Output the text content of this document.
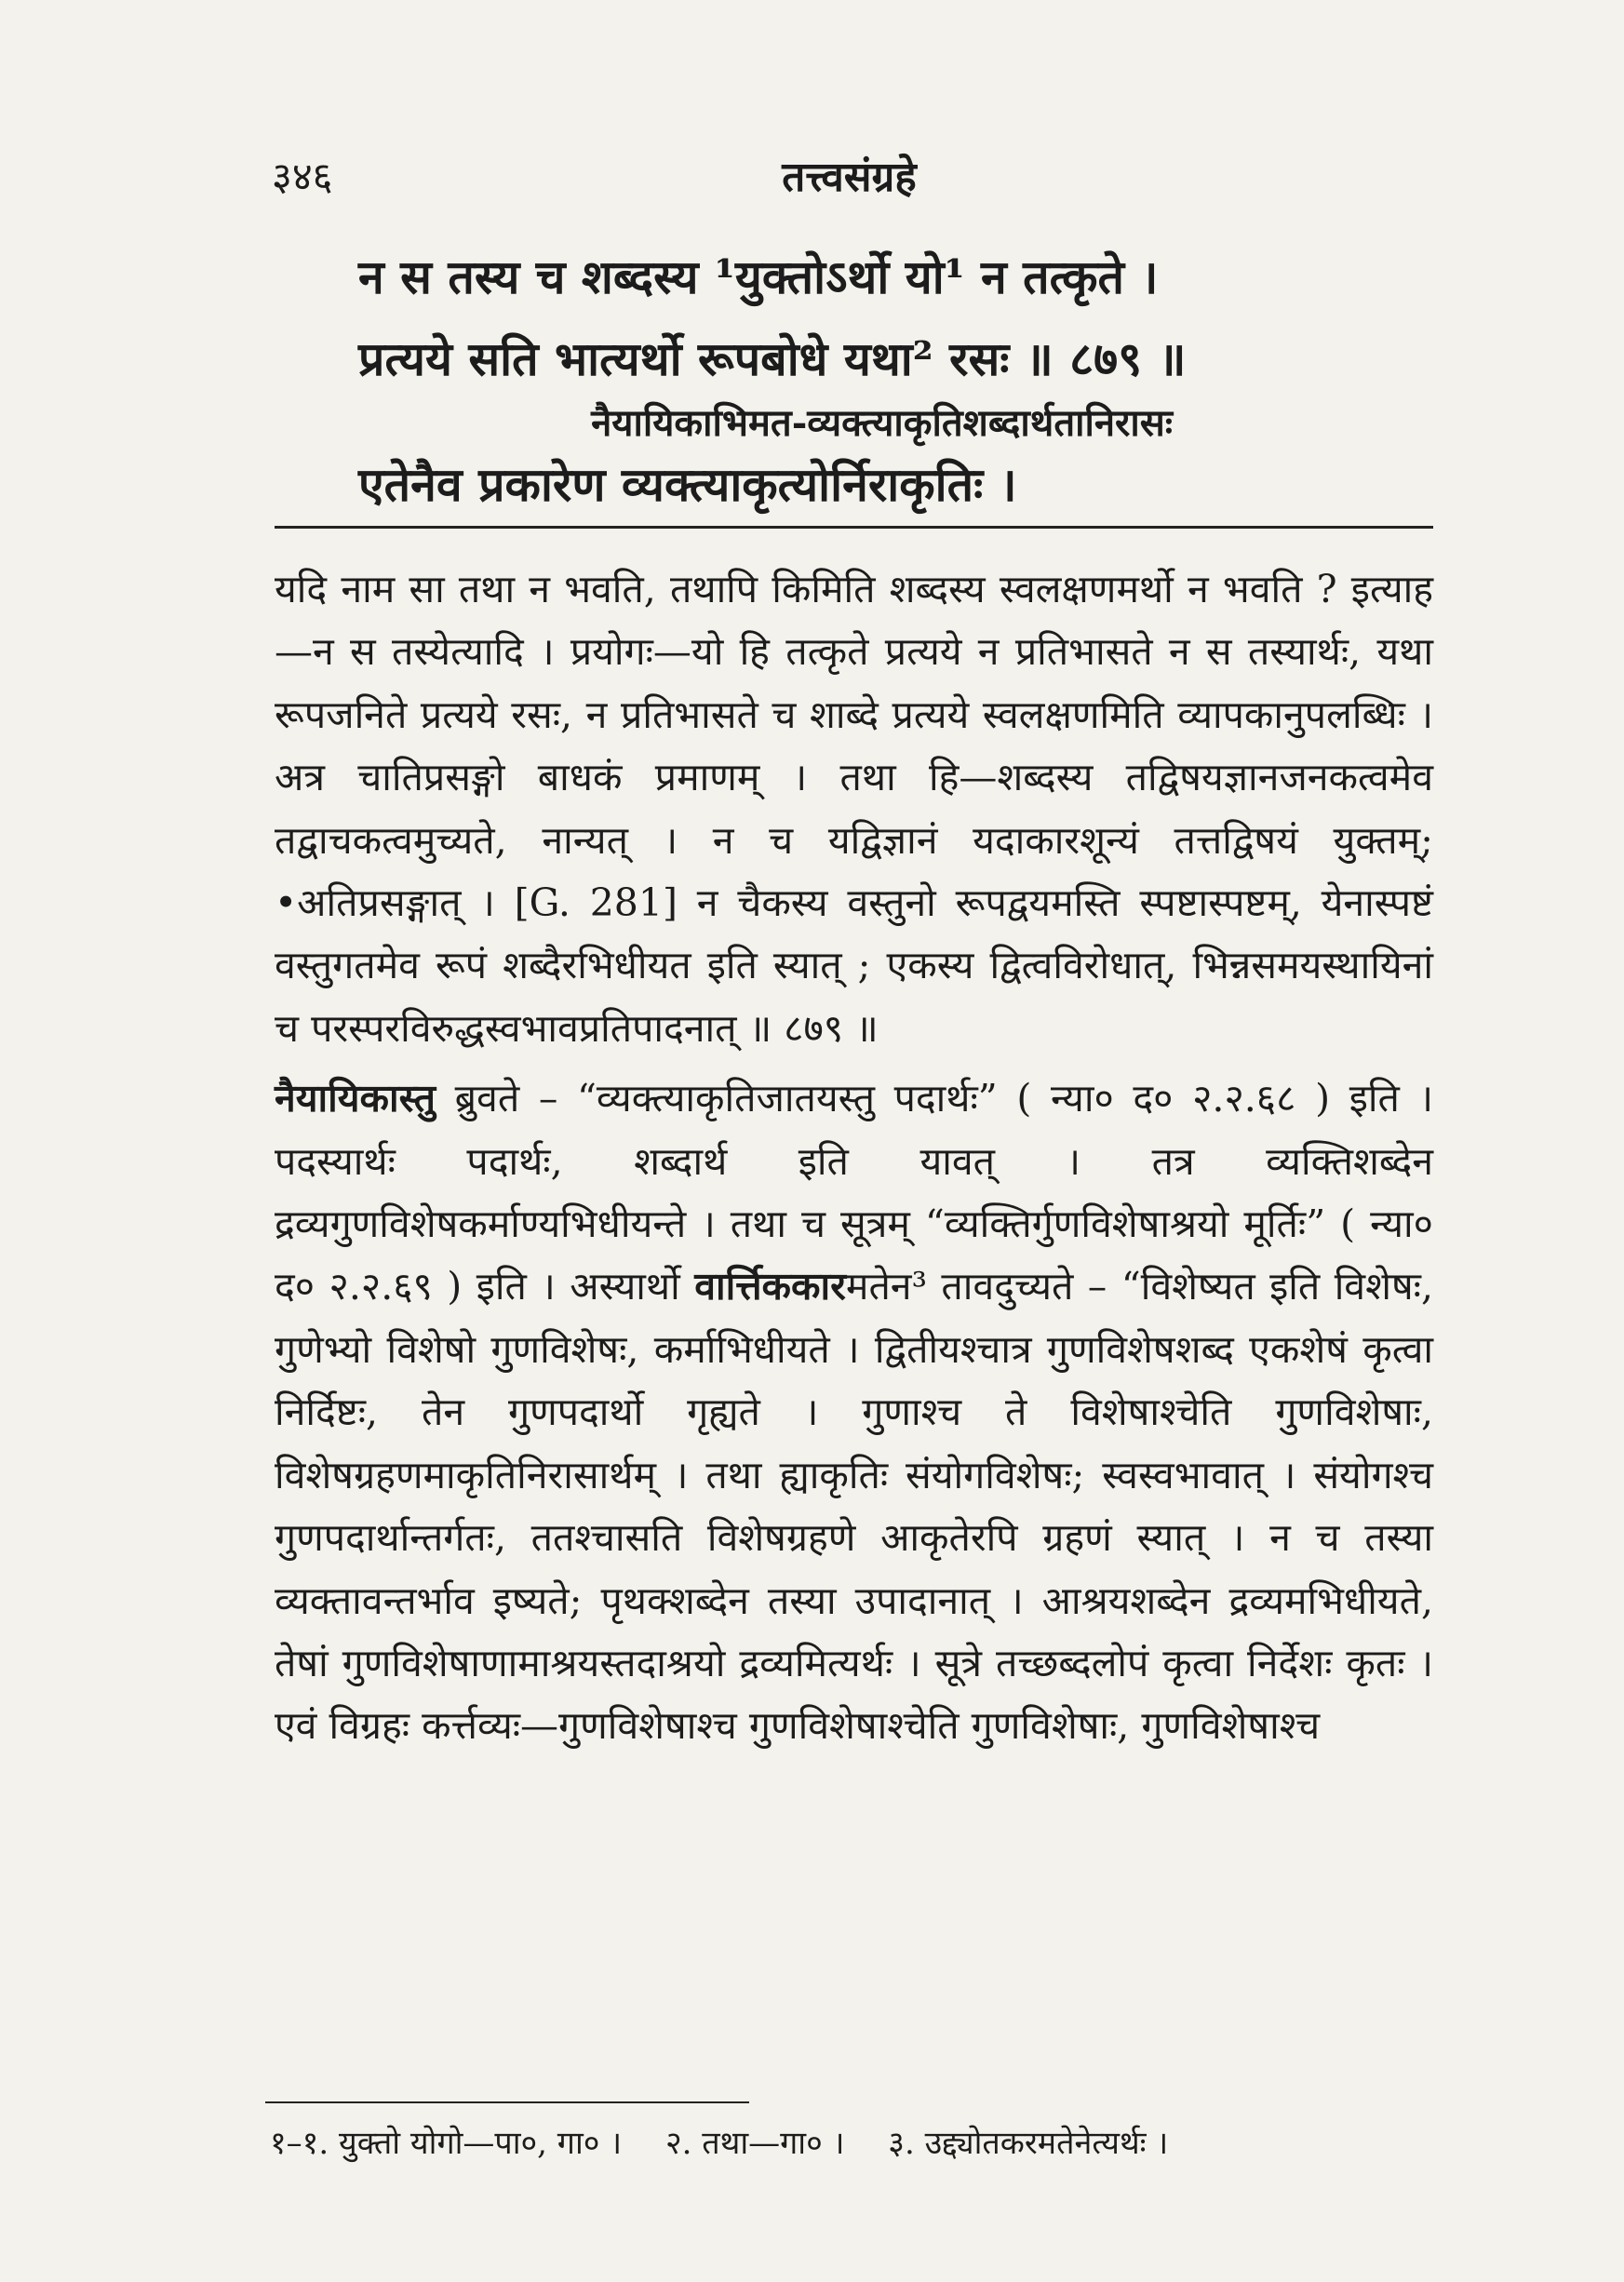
३४६	तत्त्वसंग्रहे
न स तस्य च शब्दस्य ¹युक्तोऽर्थो यो¹ न तत्कृते ।
प्रत्यये सति भात्यर्थो रूपबोधे यथा² रसः ॥ ८७९ ॥
नैयायिकाभिमत-व्यक्त्याकृतिशब्दार्थतानिरासः
एतेनैव प्रकारेण व्यक्त्याकृत्योर्निराकृतिः ।

यदि नाम सा तथा न भवति, तथापि किमिति शब्दस्य स्वलक्षणमर्थो न भवति ? इत्याह—न स तस्येत्यादि । प्रयोगः—यो हि तत्कृते प्रत्यये न प्रतिभासते न स तस्यार्थः, यथा रूपजनिते प्रत्यये रसः, न प्रतिभासते च शाब्दे प्रत्यये स्वलक्षणमिति व्यापकानुपलब्धिः । अत्र चातिप्रसङ्गो बाधकं प्रमाणम् । तथा हि—शब्दस्य तद्विषयज्ञानजनकत्वमेव तद्वाचकत्वमुच्यते, नान्यत् । न च यद्विज्ञानं यदाकारशून्यं तत्तद्विषयं युक्तम्; •अतिप्रसङ्गात् । [G. 281] न चैकस्य वस्तुनो रूपद्वयमस्ति स्पष्टास्पष्टम्, येनास्पष्टं वस्तुगतमेव रूपं शब्दैरभिधीयत इति स्यात् ; एकस्य द्वित्वविरोधात्, भिन्नसमयस्थायिनां च परस्परविरुद्धस्वभावप्रतिपादनात् ॥ ८७९ ॥

नैयायिकास्तु ब्रुवते – “व्यक्त्याकृतिजातयस्तु पदार्थः” ( न्या० द० २.२.६८ ) इति । पदस्यार्थः पदार्थः, शब्दार्थ इति यावत् । तत्र व्यक्तिशब्देन द्रव्यगुणविशेषकर्माण्यभिधीयन्ते । तथा च सूत्रम् “व्यक्तिर्गुणविशेषाश्रयो मूर्तिः” ( न्या० द० २.२.६९ ) इति । अस्यार्थो वार्त्तिककारमतेन³ तावदुच्यते – “विशेष्यत इति विशेषः, गुणेभ्यो विशेषो गुणविशेषः, कर्माभिधीयते । द्वितीयश्चात्र गुणविशेषशब्द एकशेषं कृत्वा निर्दिष्टः, तेन गुणपदार्थो गृह्यते । गुणाश्च ते विशेषाश्चेति गुणविशेषाः, विशेषग्रहणमाकृतिनिरासार्थम् । तथा ह्याकृतिः संयोगविशेषः; स्वस्वभावात् । संयोगश्च गुणपदार्थान्तर्गतः, ततश्चासति विशेषग्रहणे आकृतेरपि ग्रहणं स्यात् । न च तस्या व्यक्तावन्तर्भाव इष्यते; पृथक्शब्देन तस्या उपादानात् । आश्रयशब्देन द्रव्यमभिधीयते, तेषां गुणविशेषाणामाश्रयस्तदाश्रयो द्रव्यमित्यर्थः । सूत्रे तच्छब्दलोपं कृत्वा निर्देशः कृतः । एवं विग्रहः कर्त्तव्यः—गुणविशेषाश्च गुणविशेषाश्चेति गुणविशेषाः, गुणविशेषाश्च

१–१. युक्तो योगो—पा०, गा० । २. तथा—गा० । ३. उद्द्योतकरमतेनेत्यर्थः ।
